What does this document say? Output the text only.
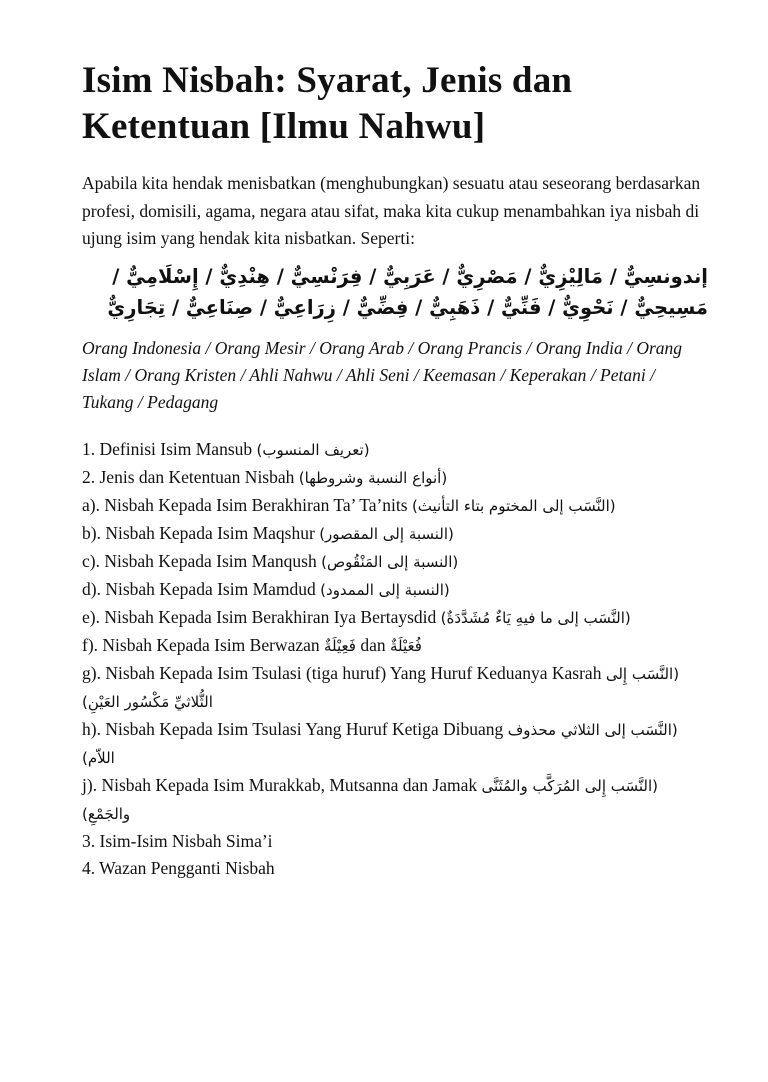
Isim Nisbah: Syarat, Jenis dan Ketentuan [Ilmu Nahwu]

Apabila kita hendak menisbatkan (menghubungkan) sesuatu atau seseorang berdasarkan profesi, domisili, agama, negara atau sifat, maka kita cukup menambahkan iya nisbah di ujung isim yang hendak kita nisbatkan. Seperti:

إندونسِيٌّ / مَالِيْزِيٌّ / مَصْرِيٌّ / عَرَبِيٌّ / فِرَنْسِيٌّ / هِنْدِيٌّ / إِسْلَامِيٌّ / مَسِيحِيٌّ / نَحْوِيٌّ / فَنِّيٌّ / ذَهَبِيٌّ / فِضِّيٌّ / زِرَاعِيٌّ / صِنَاعِيٌّ / تِجَارِيٌّ

Orang Indonesia / Orang Mesir / Orang Arab / Orang Prancis / Orang India / Orang Islam / Orang Kristen / Ahli Nahwu / Ahli Seni / Keemasan / Keperakan / Petani / Tukang / Pedagang

1. Definisi Isim Mansub (تعريف المنسوب)
2. Jenis dan Ketentuan Nisbah (أنواع النسبة وشروطها)
a). Nisbah Kepada Isim Berakhiran Ta’ Ta’nits (النَّسَب إلى المختوم بتاء التأنيث)
b). Nisbah Kepada Isim Maqshur (النسبة إلى المقصور)
c). Nisbah Kepada Isim Manqush (النسبة إلى المَنْقُوص)
d). Nisbah Kepada Isim Mamdud (النسبة إلى الممدود)
e). Nisbah Kepada Isim Berakhiran Iya Bertaysdid (النَّسَب إلى ما فيهِ يَاءٌ مُشَدَّدَةٌ)
f). Nisbah Kepada Isim Berwazan فَعِيْلَةٌ dan فُعَيْلَةٌ
g). Nisbah Kepada Isim Tsulasi (tiga huruf) Yang Huruf Keduanya Kasrah (النَّسَب إِلى الثُّلاثيِّ مَكْسُور العَيْنِ)
h). Nisbah Kepada Isim Tsulasi Yang Huruf Ketiga Dibuang (النَّسَب إلى الثلاثي محذوف اللاّم)
j). Nisbah Kepada Isim Murakkab, Mutsanna dan Jamak (النَّسَب إِلى المُرَكَّب والمُثَنَّى والجَمْعِ)
3. Isim-Isim Nisbah Sima’i
4. Wazan Pengganti Nisbah
